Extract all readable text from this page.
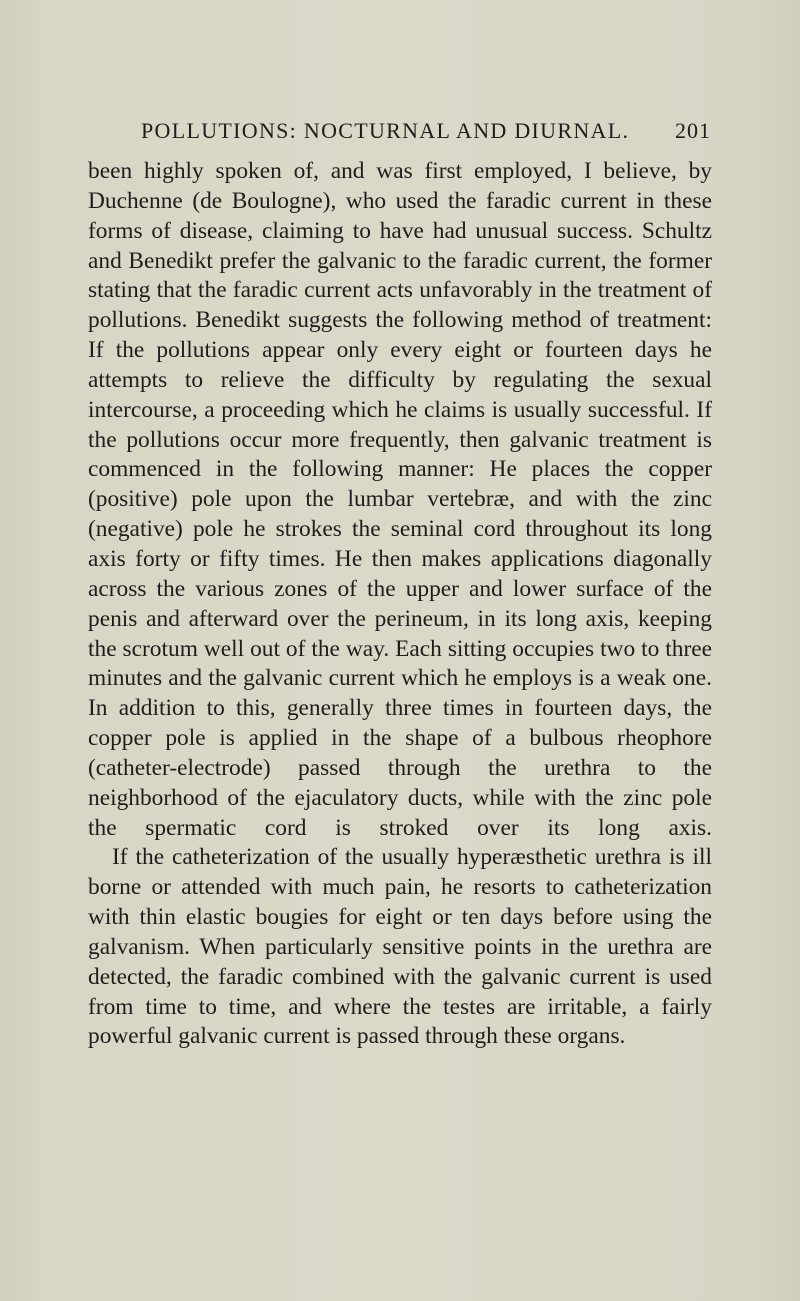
POLLUTIONS: NOCTURNAL AND DIURNAL. 201

been highly spoken of, and was first employed, I believe, by Duchenne (de Boulogne), who used the faradic current in these forms of disease, claiming to have had unusual success. Schultz and Benedikt prefer the galvanic to the faradic current, the former stating that the faradic current acts unfavorably in the treatment of pollutions. Benedikt suggests the following method of treatment: If the pollutions appear only every eight or fourteen days he attempts to relieve the difficulty by regulating the sexual intercourse, a proceeding which he claims is usually successful. If the pollutions occur more frequently, then galvanic treatment is commenced in the following manner: He places the copper (positive) pole upon the lumbar vertebræ, and with the zinc (negative) pole he strokes the seminal cord throughout its long axis forty or fifty times. He then makes applications diagonally across the various zones of the upper and lower surface of the penis and afterward over the perineum, in its long axis, keeping the scrotum well out of the way. Each sitting occupies two to three minutes and the galvanic current which he employs is a weak one. In addition to this, generally three times in fourteen days, the copper pole is applied in the shape of a bulbous rheophore (catheter-electrode) passed through the urethra to the neighborhood of the ejaculatory ducts, while with the zinc pole the spermatic cord is stroked over its long axis.

If the catheterization of the usually hyperæsthetic urethra is ill borne or attended with much pain, he resorts to catheterization with thin elastic bougies for eight or ten days before using the galvanism. When particularly sensitive points in the urethra are detected, the faradic combined with the galvanic current is used from time to time, and where the testes are irritable, a fairly powerful galvanic current is passed through these organs.
